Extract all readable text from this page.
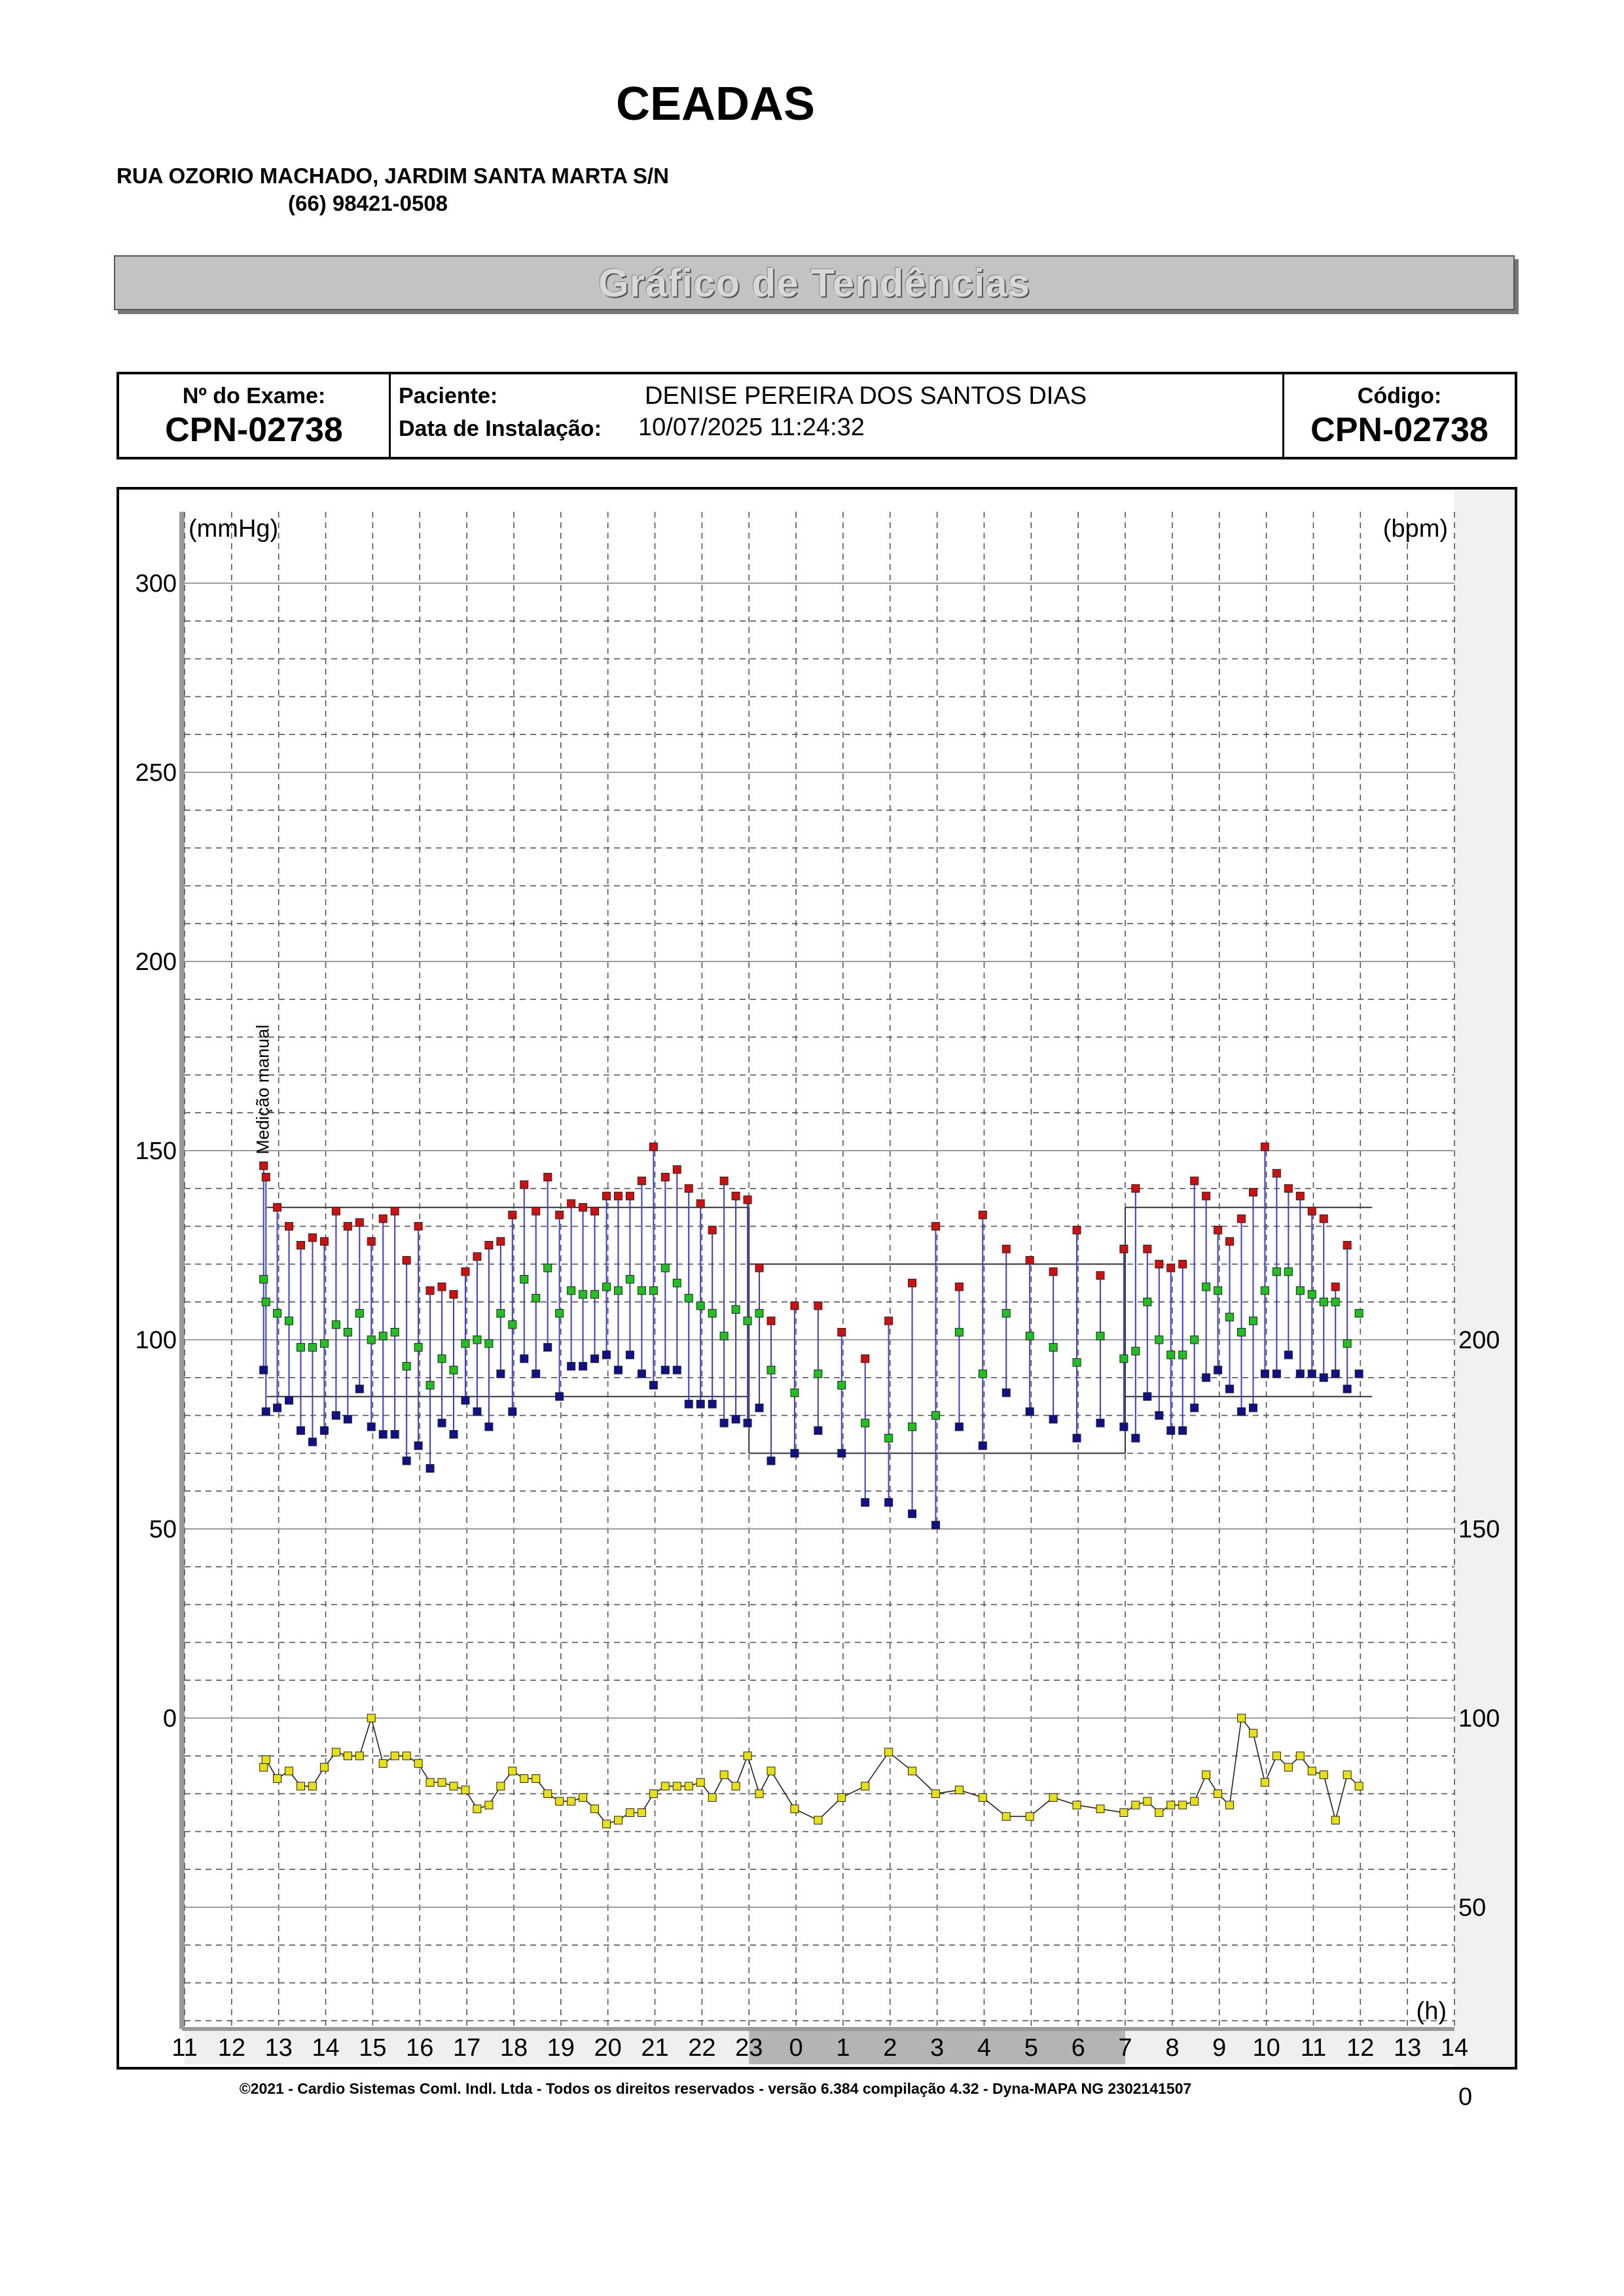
CEADAS
RUA OZORIO MACHADO, JARDIM SANTA MARTA S/N
(66) 98421-0508
Gráfico de Tendências
Nº do Exame:
CPN-02738
Paciente:	DENISE PEREIRA DOS SANTOS DIAS
Data de Instalação: 10/07/2025 11:24:32
Código:
CPN-02738
300
250
200
150
100
50
0
200
150
100
50
0
(mmHg)	(bpm)
(h)
11 12 13 14 15 16 17 18 19 20 21 22 23 0 1 2 3 4 5 6 7 8 9 10 11 12 13 14
Medição manual
©2021 - Cardio Sistemas Coml. Indl. Ltda - Todos os direitos reservados - versão 6.384 compilação 4.32 - Dyna-MAPA NG 2302141507
